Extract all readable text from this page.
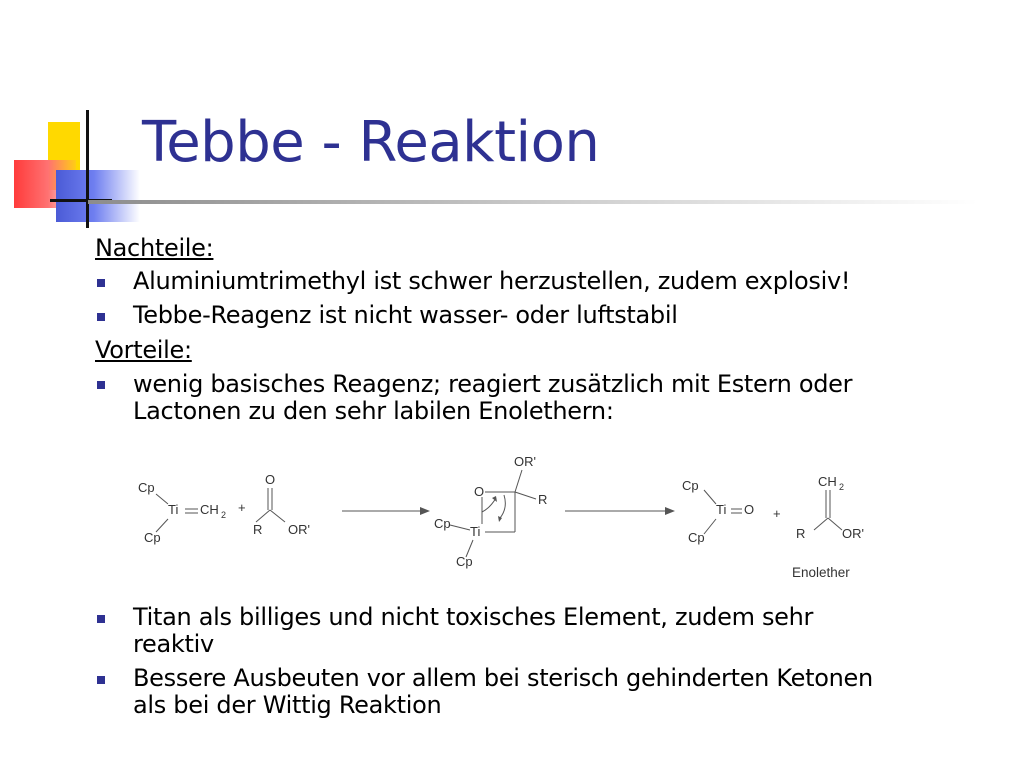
Tebbe - Reaktion
Nachteile:
Aluminiumtrimethyl ist schwer herzustellen, zudem explosiv!
Tebbe-Reagenz ist nicht wasser- oder luftstabil
Vorteile:
wenig basisches Reagenz; reagiert zusätzlich mit Estern oder
Lactonen zu den sehr labilen Enolethern:
Cp
Ti CH 2
Cp
+
O
R OR'
OR'
R
O
Cp
Ti
Cp
Cp
Ti O
Cp
+
CH 2
R	OR'
Enolether
Titan als billiges und nicht toxisches Element, zudem sehr
reaktiv
Bessere Ausbeuten vor allem bei sterisch gehinderten Ketonen
als bei der Wittig Reaktion
